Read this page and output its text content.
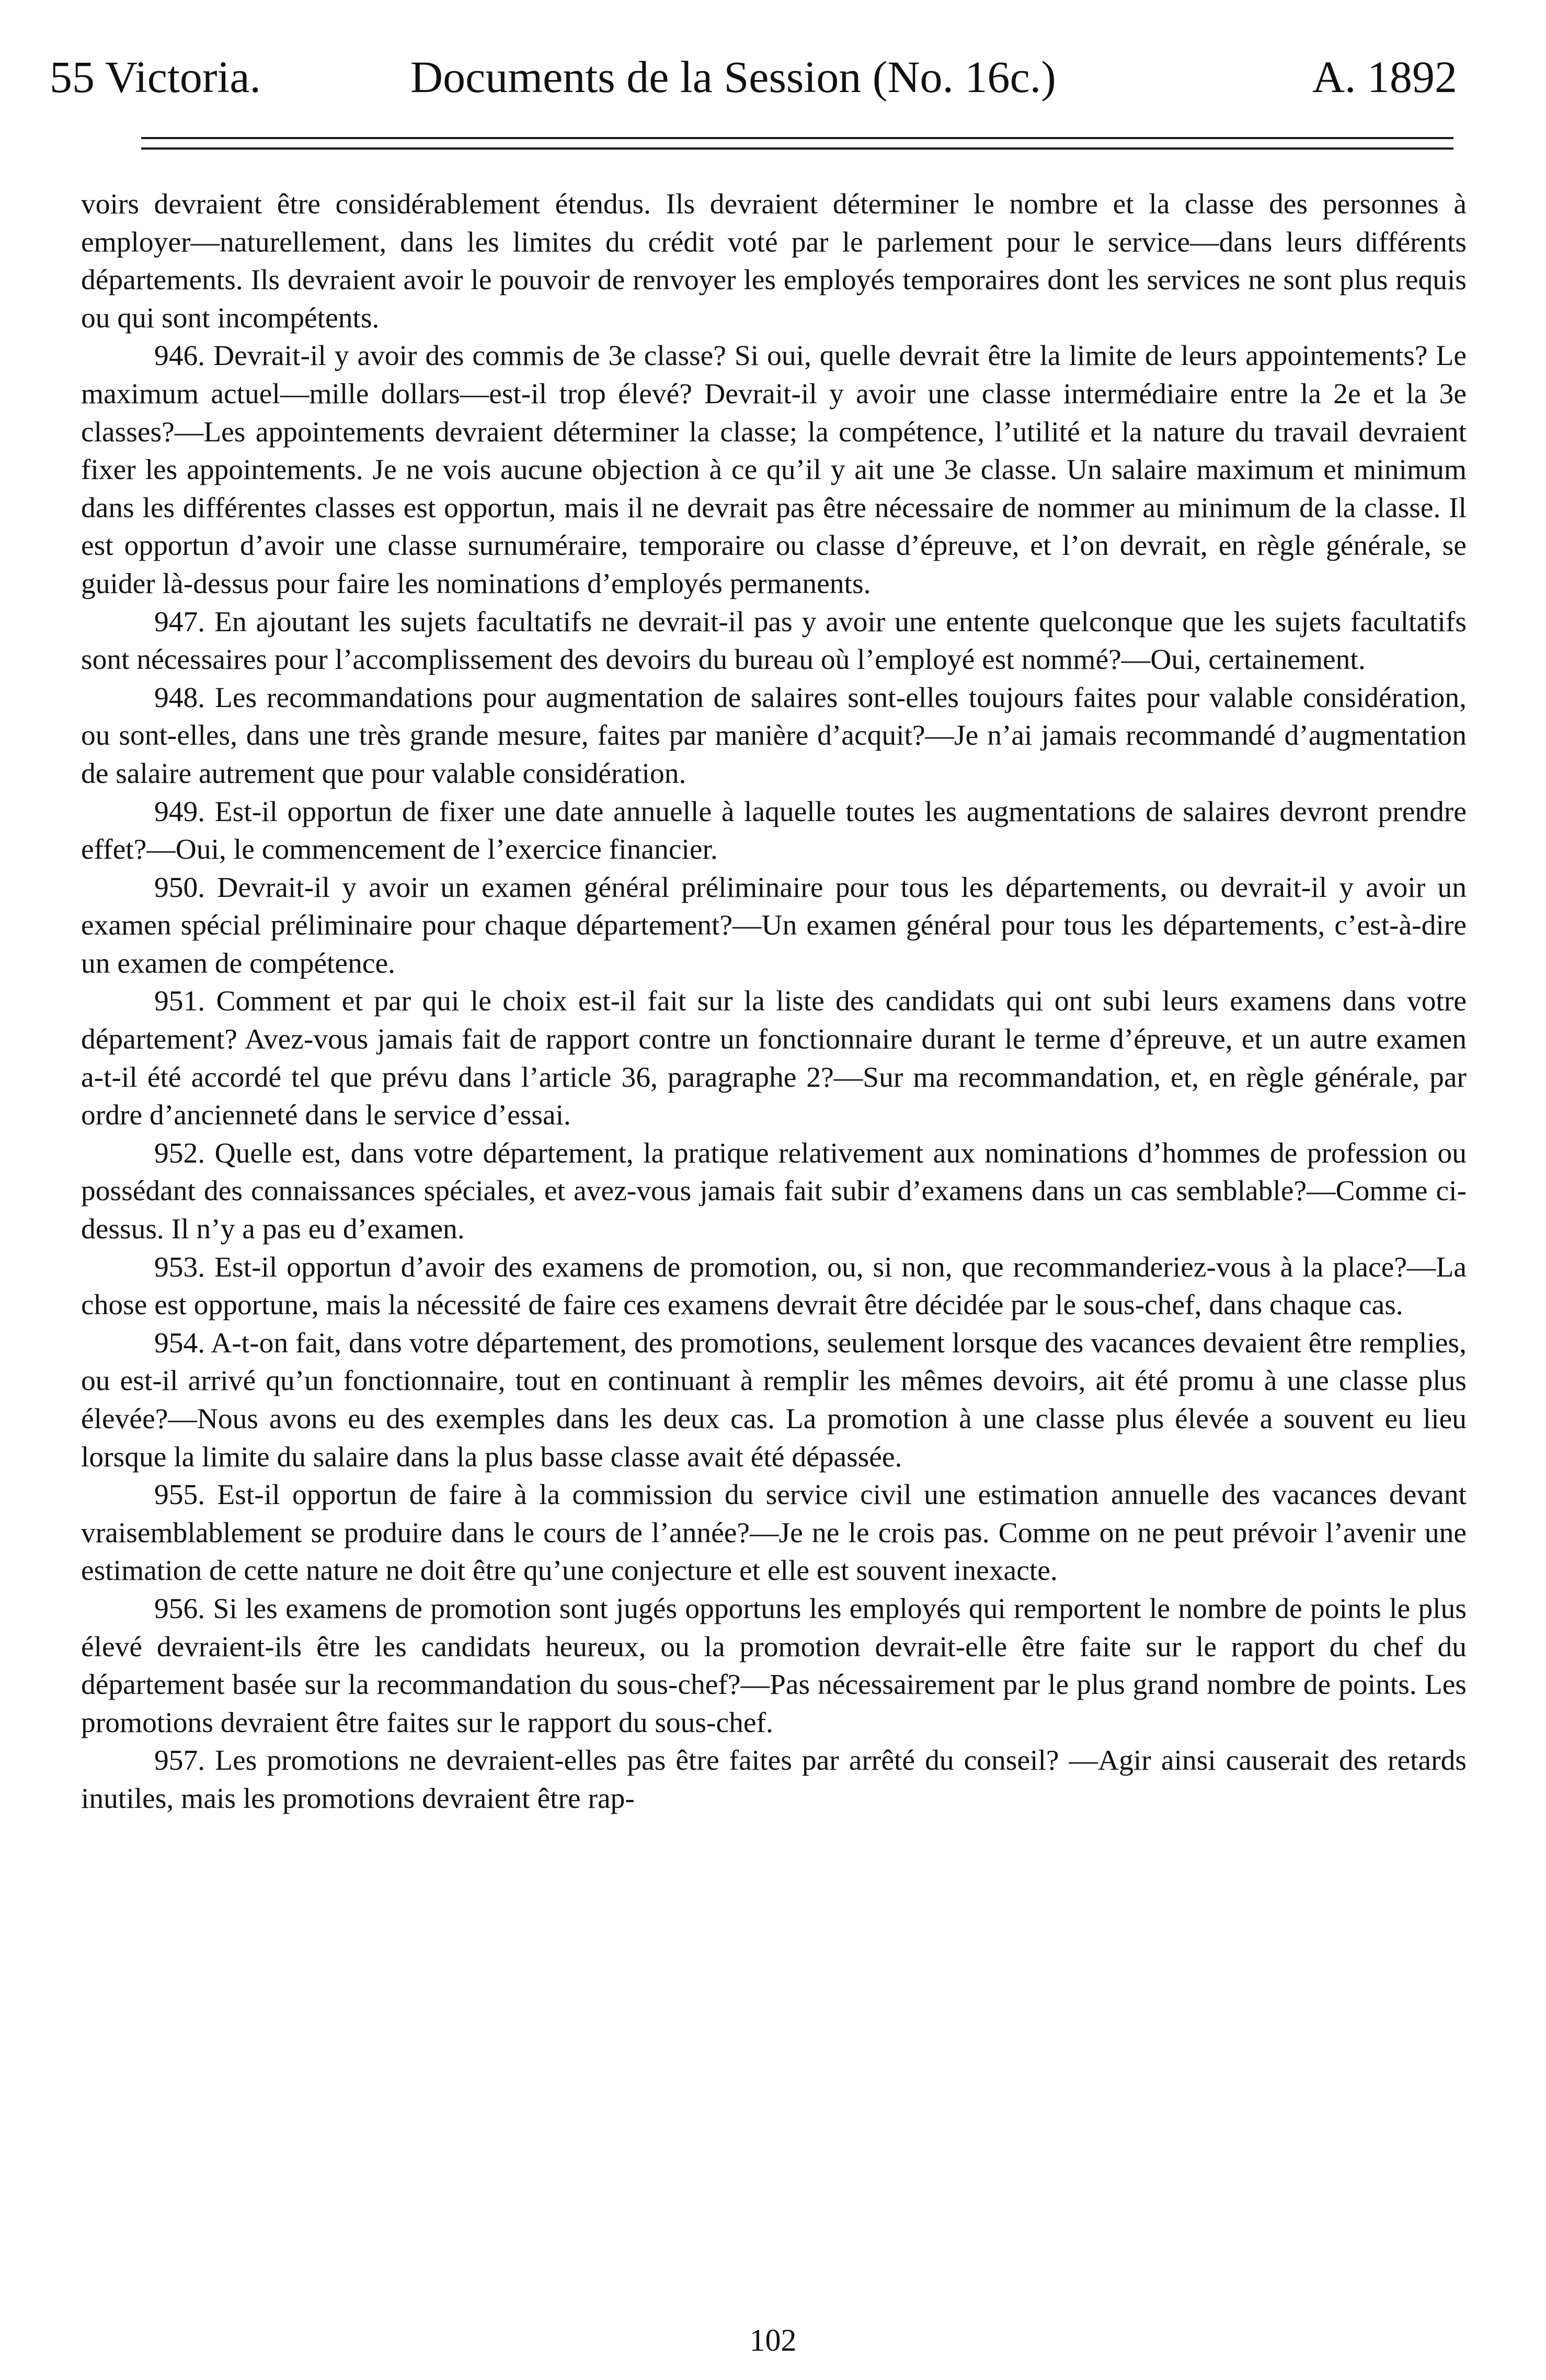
55 Victoria.	Documents de la Session (No. 16c.)	A. 1892

voirs devraient être considérablement étendus. Ils devraient déterminer le nombre et la classe des personnes à employer—naturellement, dans les limites du crédit voté par le parlement pour le service—dans leurs différents départements. Ils devraient avoir le pouvoir de renvoyer les employés temporaires dont les services ne sont plus requis ou qui sont incompétents.

946. Devrait-il y avoir des commis de 3e classe? Si oui, quelle devrait être la limite de leurs appointements? Le maximum actuel—mille dollars—est-il trop élevé? Devrait-il y avoir une classe intermédiaire entre la 2e et la 3e classes?—Les appointements devraient déterminer la classe; la compétence, l’utilité et la nature du travail devraient fixer les appointements. Je ne vois aucune objection à ce qu’il y ait une 3e classe. Un salaire maximum et minimum dans les différentes classes est opportun, mais il ne devrait pas être nécessaire de nommer au minimum de la classe. Il est opportun d’avoir une classe surnuméraire, temporaire ou classe d’épreuve, et l’on devrait, en règle générale, se guider là-dessus pour faire les nominations d’employés permanents.

947. En ajoutant les sujets facultatifs ne devrait-il pas y avoir une entente quelconque que les sujets facultatifs sont nécessaires pour l’accomplissement des devoirs du bureau où l’employé est nommé?—Oui, certainement.

948. Les recommandations pour augmentation de salaires sont-elles toujours faites pour valable considération, ou sont-elles, dans une très grande mesure, faites par manière d’acquit?—Je n’ai jamais recommandé d’augmentation de salaire autrement que pour valable considération.

949. Est-il opportun de fixer une date annuelle à laquelle toutes les augmentations de salaires devront prendre effet?—Oui, le commencement de l’exercice financier.

950. Devrait-il y avoir un examen général préliminaire pour tous les départements, ou devrait-il y avoir un examen spécial préliminaire pour chaque département?—Un examen général pour tous les départements, c’est-à-dire un examen de compétence.

951. Comment et par qui le choix est-il fait sur la liste des candidats qui ont subi leurs examens dans votre département? Avez-vous jamais fait de rapport contre un fonctionnaire durant le terme d’épreuve, et un autre examen a-t-il été accordé tel que prévu dans l’article 36, paragraphe 2?—Sur ma recommandation, et, en règle générale, par ordre d’ancienneté dans le service d’essai.

952. Quelle est, dans votre département, la pratique relativement aux nominations d’hommes de profession ou possédant des connaissances spéciales, et avez-vous jamais fait subir d’examens dans un cas semblable?—Comme ci-dessus. Il n’y a pas eu d’examen.

953. Est-il opportun d’avoir des examens de promotion, ou, si non, que recommanderiez-vous à la place?—La chose est opportune, mais la nécessité de faire ces examens devrait être décidée par le sous-chef, dans chaque cas.

954. A-t-on fait, dans votre département, des promotions, seulement lorsque des vacances devaient être remplies, ou est-il arrivé qu’un fonctionnaire, tout en continuant à remplir les mêmes devoirs, ait été promu à une classe plus élevée?—Nous avons eu des exemples dans les deux cas. La promotion à une classe plus élevée a souvent eu lieu lorsque la limite du salaire dans la plus basse classe avait été dépassée.

955. Est-il opportun de faire à la commission du service civil une estimation annuelle des vacances devant vraisemblablement se produire dans le cours de l’année?—Je ne le crois pas. Comme on ne peut prévoir l’avenir une estimation de cette nature ne doit être qu’une conjecture et elle est souvent inexacte.

956. Si les examens de promotion sont jugés opportuns les employés qui remportent le nombre de points le plus élevé devraient-ils être les candidats heureux, ou la promotion devrait-elle être faite sur le rapport du chef du département basée sur la recommandation du sous-chef?—Pas nécessairement par le plus grand nombre de points. Les promotions devraient être faites sur le rapport du sous-chef.

957. Les promotions ne devraient-elles pas être faites par arrêté du conseil? —Agir ainsi causerait des retards inutiles, mais les promotions devraient être rap-

102
